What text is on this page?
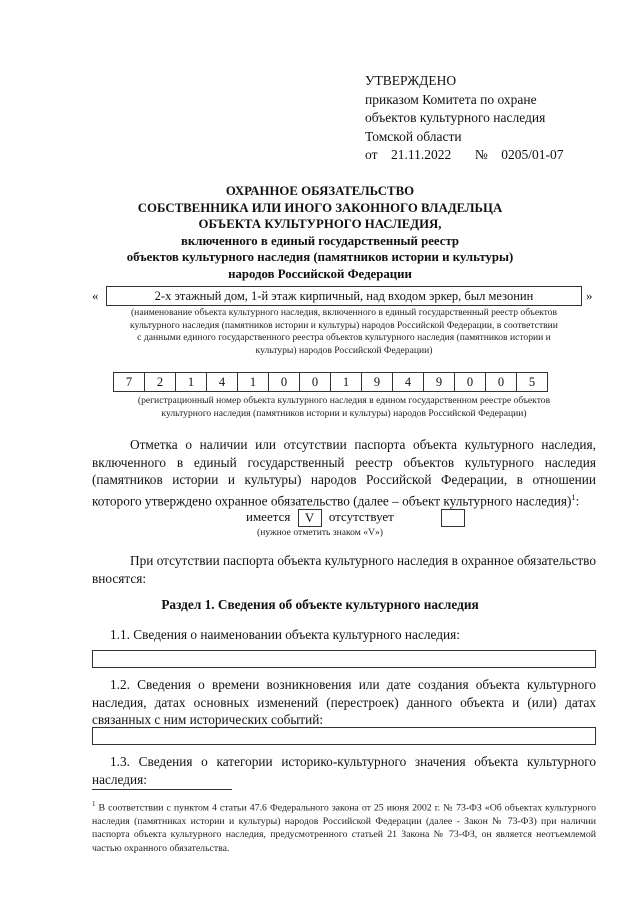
УТВЕРЖДЕНО
приказом Комитета по охране
объектов культурного наследия
Томской области
от 21.11.2022 № 0205/01-07
ОХРАННОЕ ОБЯЗАТЕЛЬСТВО
СОБСТВЕННИКА ИЛИ ИНОГО ЗАКОННОГО ВЛАДЕЛЬЦА
ОБЪЕКТА КУЛЬТУРНОГО НАСЛЕДИЯ,
включенного в единый государственный реестр
объектов культурного наследия (памятников истории и культуры)
народов Российской Федерации
«	2-х этажный дом, 1-й этаж кирпичный, над входом эркер, был мезонин	»
(наименование объекта культурного наследия, включенного в единый государственный реестр объектов
культурного наследия (памятников истории и культуры) народов Российской Федерации, в соответствии
с данными единого государственного реестра объектов культурного наследия (памятников истории и
культуры) народов Российской Федерации)
7	2	1	4	1	0	0	1	9	4	9	0	0	5
(регистрационный номер объекта культурного наследия в едином государственном реестре объектов
культурного наследия (памятников истории и культуры) народов Российской Федерации)
Отметка о наличии или отсутствии паспорта объекта культурного наследия, включенного в единый государственный реестр объектов культурного наследия (памятников истории и культуры) народов Российской Федерации, в отношении которого утверждено охранное обязательство (далее – объект культурного наследия)$^1$:
имеется V отсутствует
(нужное отметить знаком «V»)
При отсутствии паспорта объекта культурного наследия в охранное обязательство вносятся:
Раздел 1. Сведения об объекте культурного наследия
1.1. Сведения о наименовании объекта культурного наследия:
1.2. Сведения о времени возникновения или дате создания объекта культурного наследия, датах основных изменений (перестроек) данного объекта и (или) датах связанных с ним исторических событий:
1.3. Сведения о категории историко-культурного значения объекта культурного наследия:
$^1$ В соответствии с пунктом 4 статьи 47.6 Федерального закона от 25 июня 2002 г. № 73-ФЗ «Об объектах культурного наследия (памятниках истории и культуры) народов Российской Федерации (далее - Закон № 73-ФЗ) при наличии паспорта объекта культурного наследия, предусмотренного статьей 21 Закона № 73-ФЗ, он является неотъемлемой частью охранного обязательства.
